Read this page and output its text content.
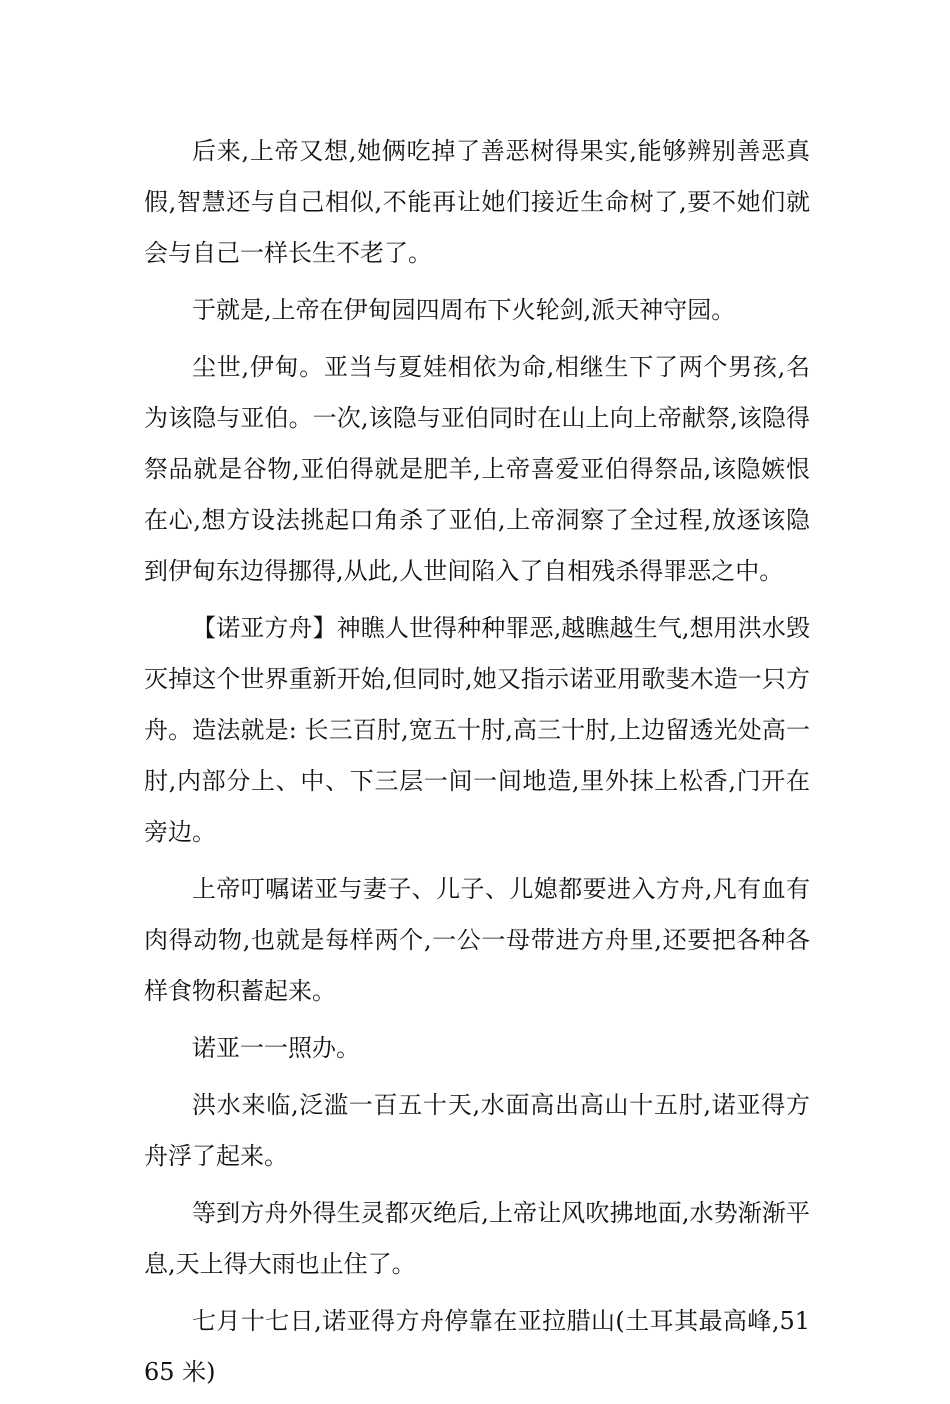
后来,上帝又想,她俩吃掉了善恶树得果实,能够辨别善恶真假,智慧还与自己相似,不能再让她们接近生命树了,要不她们就会与自己一样长生不老了。

于就是,上帝在伊甸园四周布下火轮剑,派天神守园。

尘世,伊甸。亚当与夏娃相依为命,相继生下了两个男孩,名为该隐与亚伯。一次,该隐与亚伯同时在山上向上帝献祭,该隐得祭品就是谷物,亚伯得就是肥羊,上帝喜爱亚伯得祭品,该隐嫉恨在心,想方设法挑起口角杀了亚伯,上帝洞察了全过程,放逐该隐到伊甸东边得挪得,从此,人世间陷入了自相残杀得罪恶之中。

【诺亚方舟】神瞧人世得种种罪恶,越瞧越生气,想用洪水毁灭掉这个世界重新开始,但同时,她又指示诺亚用歌斐木造一只方舟。造法就是: 长三百肘,宽五十肘,高三十肘,上边留透光处高一肘,内部分上、中、下三层一间一间地造,里外抹上松香,门开在旁边。

上帝叮嘱诺亚与妻子、儿子、儿媳都要进入方舟,凡有血有肉得动物,也就是每样两个,一公一母带进方舟里,还要把各种各样食物积蓄起来。

诺亚一一照办。

洪水来临,泛滥一百五十天,水面高出高山十五肘,诺亚得方舟浮了起来。

等到方舟外得生灵都灭绝后,上帝让风吹拂地面,水势渐渐平息,天上得大雨也止住了。

七月十七日,诺亚得方舟停靠在亚拉腊山(土耳其最高峰,5165 米)
